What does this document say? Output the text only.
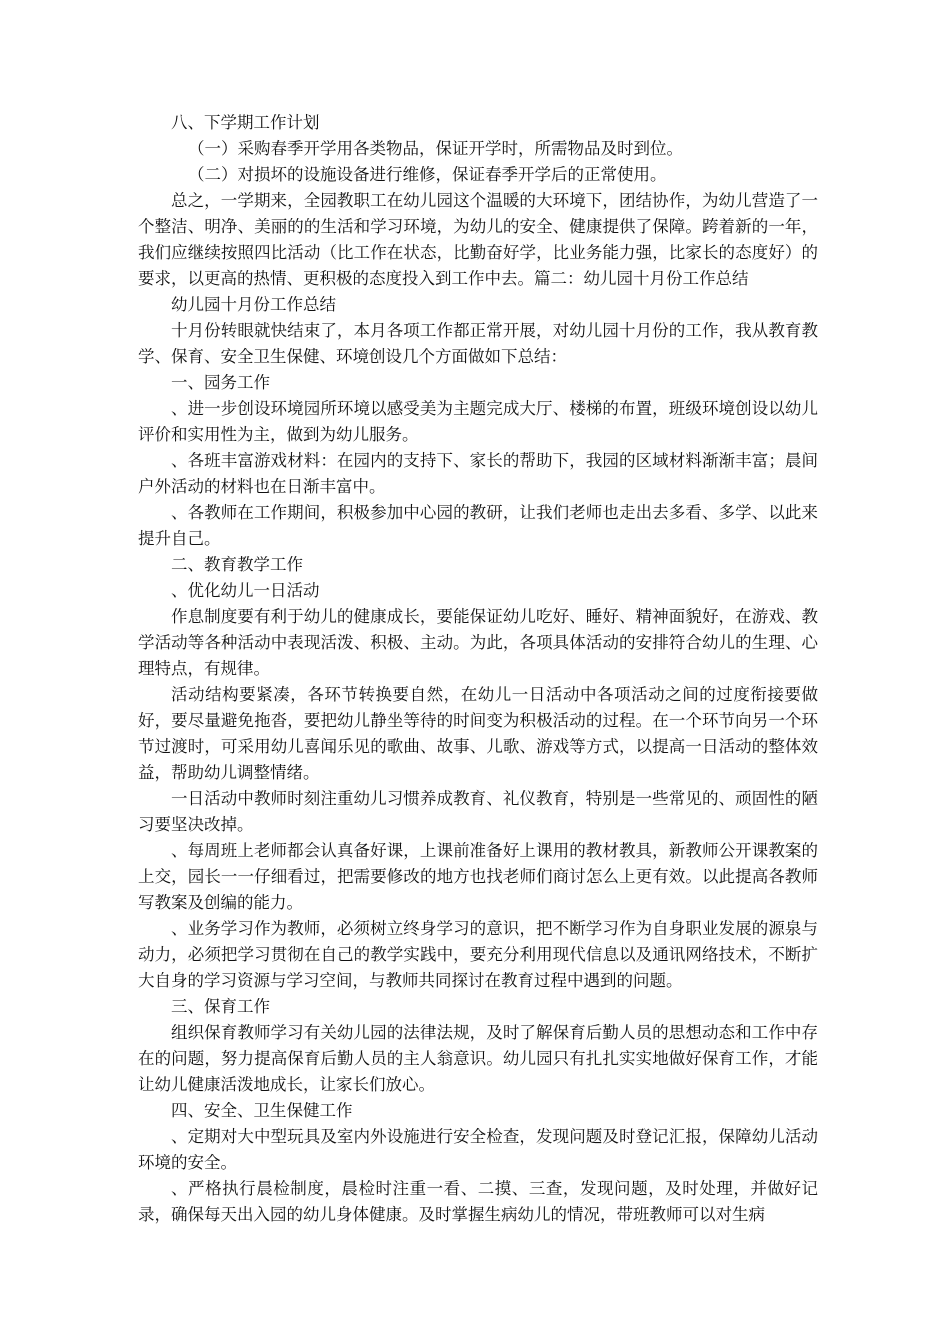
八、下学期工作计划

（一）采购春季开学用各类物品，保证开学时，所需物品及时到位。

（二）对损坏的设施设备进行维修，保证春季开学后的正常使用。

总之，一学期来，全园教职工在幼儿园这个温暖的大环境下，团结协作，为幼儿营造了一个整洁、明净、美丽的的生活和学习环境，为幼儿的安全、健康提供了保障。跨着新的一年，我们应继续按照四比活动（比工作在状态，比勤奋好学，比业务能力强，比家长的态度好）的要求，以更高的热情、更积极的态度投入到工作中去。篇二：幼儿园十月份工作总结

幼儿园十月份工作总结

十月份转眼就快结束了，本月各项工作都正常开展，对幼儿园十月份的工作，我从教育教学、保育、安全卫生保健、环境创设几个方面做如下总结：

一、园务工作

、进一步创设环境园所环境以感受美为主题完成大厅、楼梯的布置，班级环境创设以幼儿评价和实用性为主，做到为幼儿服务。

、各班丰富游戏材料：在园内的支持下、家长的帮助下，我园的区域材料渐渐丰富；晨间户外活动的材料也在日渐丰富中。

、各教师在工作期间，积极参加中心园的教研，让我们老师也走出去多看、多学、以此来提升自己。

二、教育教学工作

、优化幼儿一日活动

作息制度要有利于幼儿的健康成长，要能保证幼儿吃好、睡好、精神面貌好，在游戏、教学活动等各种活动中表现活泼、积极、主动。为此，各项具体活动的安排符合幼儿的生理、心理特点，有规律。

活动结构要紧凑，各环节转换要自然，在幼儿一日活动中各项活动之间的过度衔接要做好，要尽量避免拖沓，要把幼儿静坐等待的时间变为积极活动的过程。在一个环节向另一个环节过渡时，可采用幼儿喜闻乐见的歌曲、故事、儿歌、游戏等方式，以提高一日活动的整体效益，帮助幼儿调整情绪。

一日活动中教师时刻注重幼儿习惯养成教育、礼仪教育，特别是一些常见的、顽固性的陋习要坚决改掉。

、每周班上老师都会认真备好课，上课前准备好上课用的教材教具，新教师公开课教案的上交，园长一一仔细看过，把需要修改的地方也找老师们商讨怎么上更有效。以此提高各教师写教案及创编的能力。

、业务学习作为教师，必须树立终身学习的意识，把不断学习作为自身职业发展的源泉与动力，必须把学习贯彻在自己的教学实践中，要充分利用现代信息以及通讯网络技术，不断扩大自身的学习资源与学习空间，与教师共同探讨在教育过程中遇到的问题。

三、保育工作

组织保育教师学习有关幼儿园的法律法规，及时了解保育后勤人员的思想动态和工作中存在的问题，努力提高保育后勤人员的主人翁意识。幼儿园只有扎扎实实地做好保育工作，才能让幼儿健康活泼地成长，让家长们放心。

四、安全、卫生保健工作

、定期对大中型玩具及室内外设施进行安全检查，发现问题及时登记汇报，保障幼儿活动环境的安全。

、严格执行晨检制度，晨检时注重一看、二摸、三查，发现问题，及时处理，并做好记录，确保每天出入园的幼儿身体健康。及时掌握生病幼儿的情况，带班教师可以对生病
